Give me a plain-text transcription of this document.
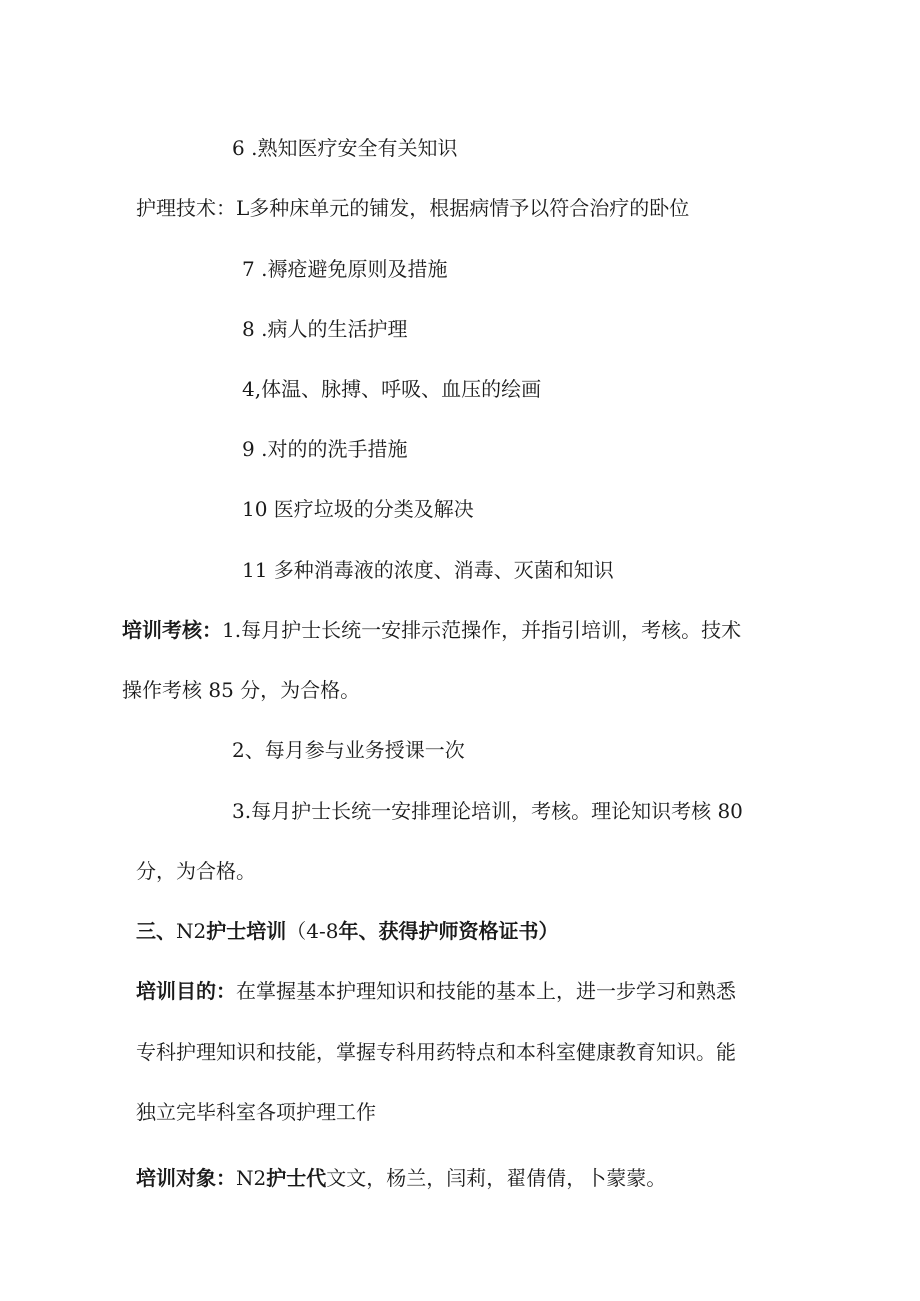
6 .熟知医疗安全有关知识
护理技术：L多种床单元的铺发，根据病情予以符合治疗的卧位
7 .褥疮避免原则及措施
8 .病人的生活护理
4,体温、脉搏、呼吸、血压的绘画
9 .对的的洗手措施
10 医疗垃圾的分类及解决
11 多种消毒液的浓度、消毒、灭菌和知识
培训考核：1.每月护士长统一安排示范操作，并指引培训，考核。技术
操作考核 85 分，为合格。
2、每月参与业务授课一次
3.每月护士长统一安排理论培训，考核。理论知识考核 80
分，为合格。
三、N2护士培训（4-8年、获得护师资格证书）
培训目的：在掌握基本护理知识和技能的基本上，进一步学习和熟悉
专科护理知识和技能，掌握专科用药特点和本科室健康教育知识。能
独立完毕科室各项护理工作
培训对象：N2护士代文文，杨兰，闫莉，翟倩倩，卜蒙蒙。
